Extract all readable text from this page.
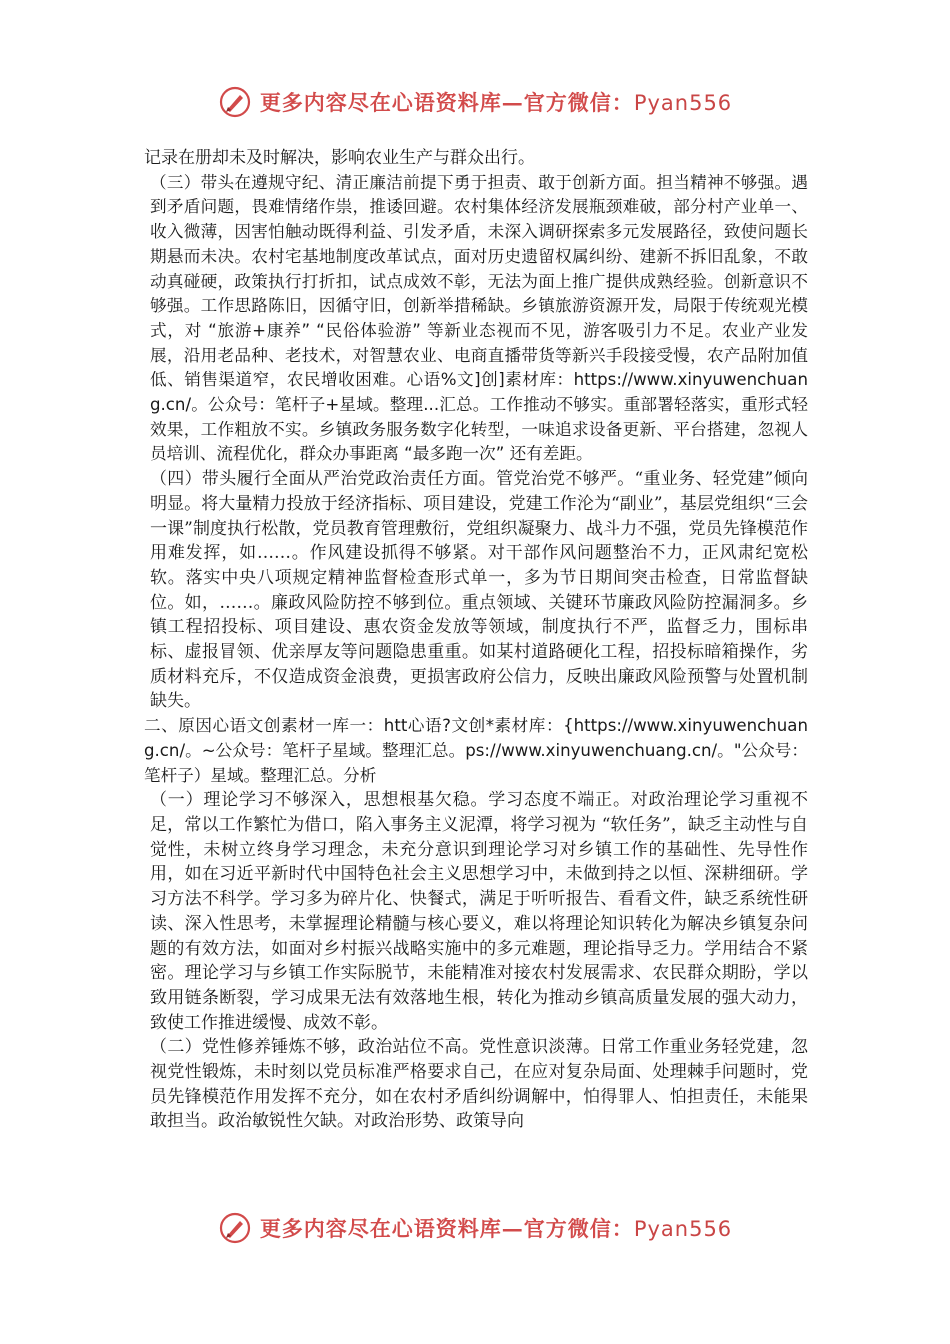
更多内容尽在心语资料库—官方微信：Pyan556

记录在册却未及时解决，影响农业生产与群众出行。

（三）带头在遵规守纪、清正廉洁前提下勇于担责、敢于创新方面。担当精神不够强。遇到矛盾问题，畏难情绪作祟，推诿回避。农村集体经济发展瓶颈难破，部分村产业单一、收入微薄，因害怕触动既得利益、引发矛盾，未深入调研探索多元发展路径，致使问题长期悬而未决。农村宅基地制度改革试点，面对历史遗留权属纠纷、建新不拆旧乱象，不敢动真碰硬，政策执行打折扣，试点成效不彰，无法为面上推广提供成熟经验。创新意识不够强。工作思路陈旧，因循守旧，创新举措稀缺。乡镇旅游资源开发，局限于传统观光模式，对 “旅游+康养” “民俗体验游” 等新业态视而不见，游客吸引力不足。农业产业发展，沿用老品种、老技术，对智慧农业、电商直播带货等新兴手段接受慢，农产品附加值低、销售渠道窄，农民增收困难。心语%文]创]素材库：https://www.xinyuwenchuang.cn/。公众号：笔杆子+星域。整理...汇总。工作推动不够实。重部署轻落实，重形式轻效果，工作粗放不实。乡镇政务服务数字化转型，一味追求设备更新、平台搭建，忽视人员培训、流程优化，群众办事距离 “最多跑一次” 还有差距。

（四）带头履行全面从严治党政治责任方面。管党治党不够严。“重业务、轻党建”倾向明显。将大量精力投放于经济指标、项目建设，党建工作沦为“副业”，基层党组织“三会一课”制度执行松散，党员教育管理敷衍，党组织凝聚力、战斗力不强，党员先锋模范作用难发挥，如……。作风建设抓得不够紧。对干部作风问题整治不力，正风肃纪宽松软。落实中央八项规定精神监督检查形式单一，多为节日期间突击检查，日常监督缺位。如，……。廉政风险防控不够到位。重点领域、关键环节廉政风险防控漏洞多。乡镇工程招投标、项目建设、惠农资金发放等领域，制度执行不严，监督乏力，围标串标、虚报冒领、优亲厚友等问题隐患重重。如某村道路硬化工程，招投标暗箱操作，劣质材料充斥，不仅造成资金浪费，更损害政府公信力，反映出廉政风险预警与处置机制缺失。

二、原因心语文创素材一库一：htt心语?文创*素材库：{https://www.xinyuwenchuang.cn/。~公众号：笔杆子星域。整理汇总。ps://www.xinyuwenchuang.cn/。"公众号：笔杆子）星域。整理汇总。分析

（一）理论学习不够深入，思想根基欠稳。学习态度不端正。对政治理论学习重视不足，常以工作繁忙为借口，陷入事务主义泥潭，将学习视为 “软任务”，缺乏主动性与自觉性，未树立终身学习理念，未充分意识到理论学习对乡镇工作的基础性、先导性作用，如在习近平新时代中国特色社会主义思想学习中，未做到持之以恒、深耕细研。学习方法不科学。学习多为碎片化、快餐式，满足于听听报告、看看文件，缺乏系统性研读、深入性思考，未掌握理论精髓与核心要义，难以将理论知识转化为解决乡镇复杂问题的有效方法，如面对乡村振兴战略实施中的多元难题，理论指导乏力。学用结合不紧密。理论学习与乡镇工作实际脱节，未能精准对接农村发展需求、农民群众期盼，学以致用链条断裂，学习成果无法有效落地生根，转化为推动乡镇高质量发展的强大动力，致使工作推进缓慢、成效不彰。

（二）党性修养锤炼不够，政治站位不高。党性意识淡薄。日常工作重业务轻党建，忽视党性锻炼，未时刻以党员标准严格要求自己，在应对复杂局面、处理棘手问题时，党员先锋模范作用发挥不充分，如在农村矛盾纠纷调解中，怕得罪人、怕担责任，未能果敢担当。政治敏锐性欠缺。对政治形势、政策导向

更多内容尽在心语资料库—官方微信：Pyan556
